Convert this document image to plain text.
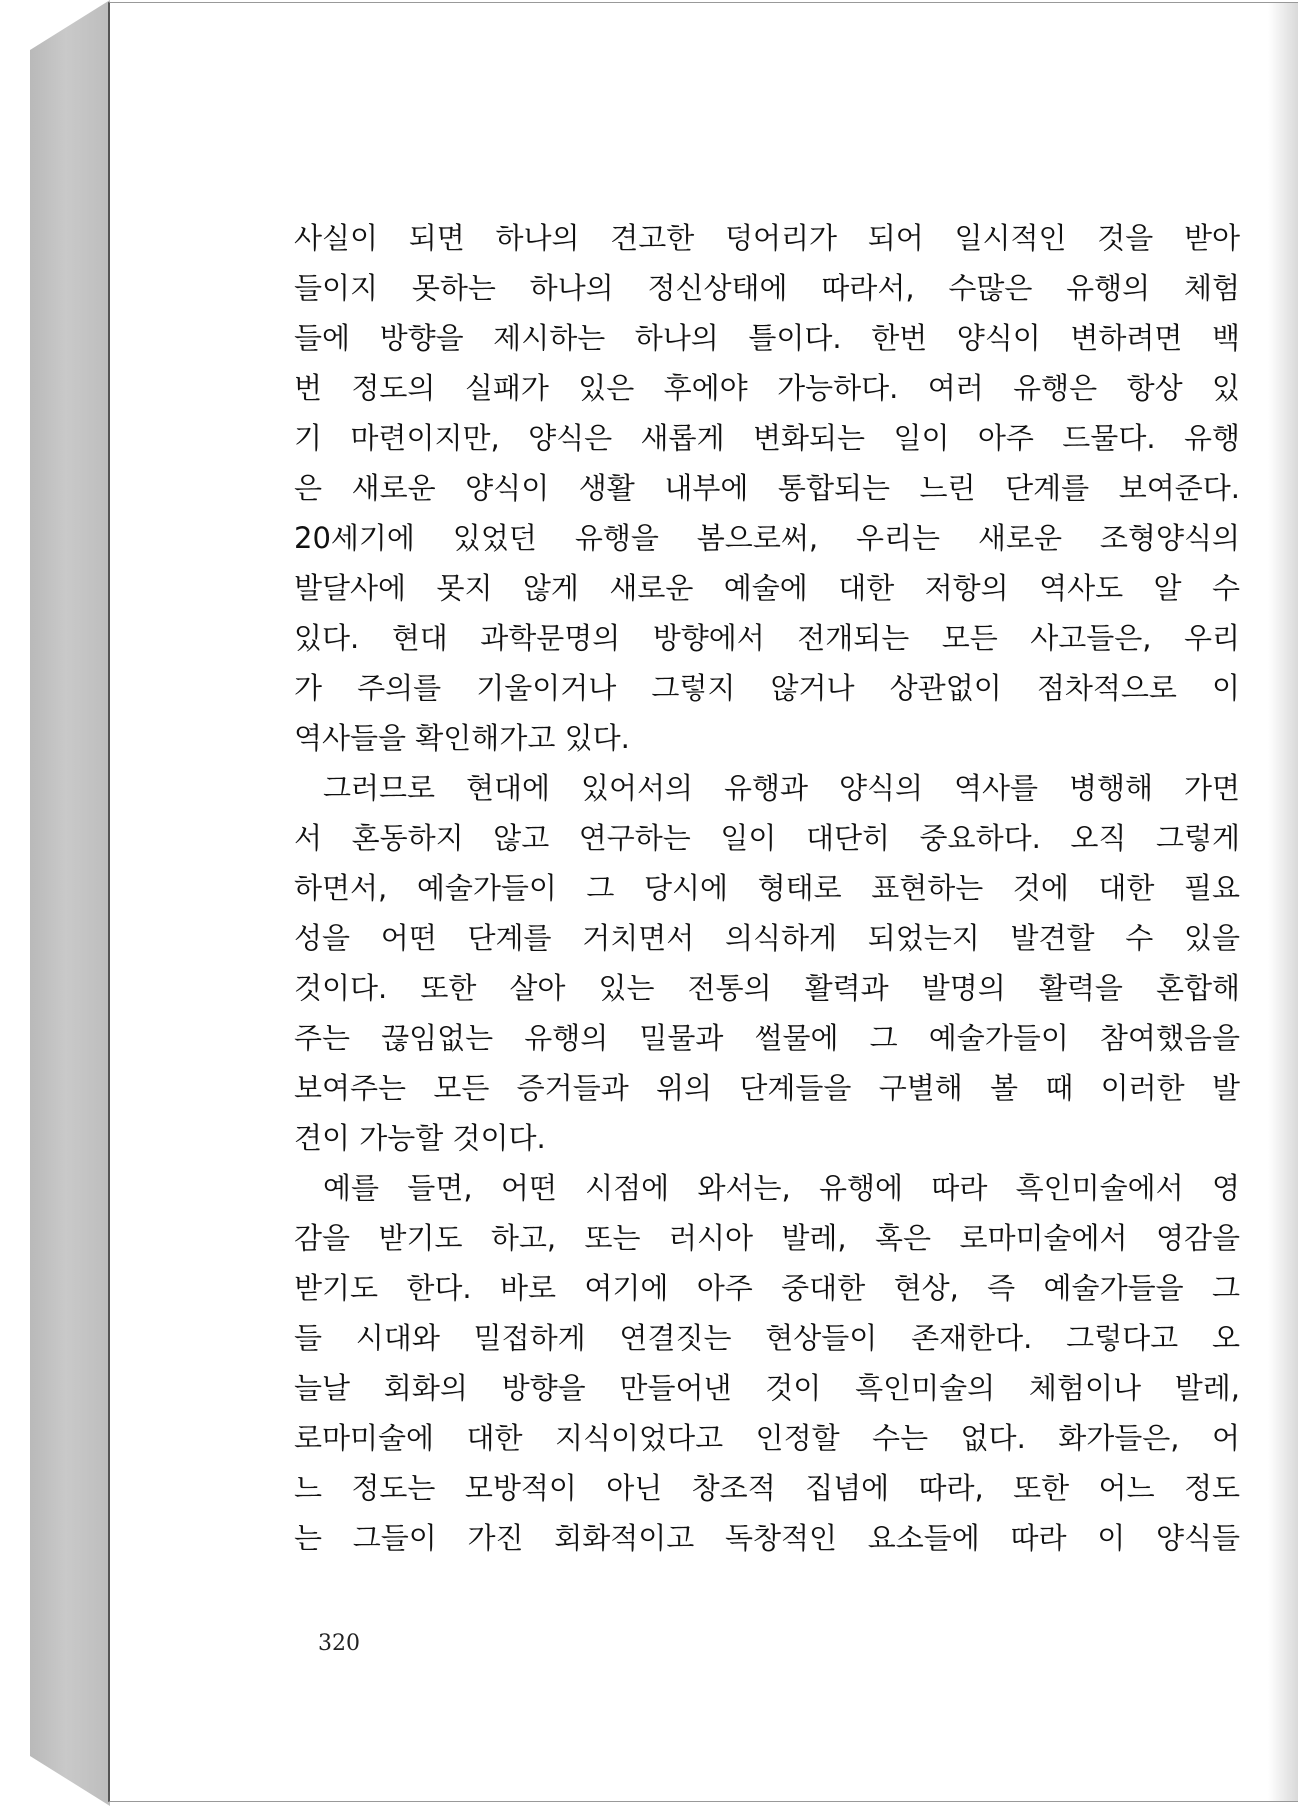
사실이 되면 하나의 견고한 덩어리가 되어 일시적인 것을 받아
들이지 못하는 하나의 정신상태에 따라서, 수많은 유행의 체험
들에 방향을 제시하는 하나의 틀이다. 한번 양식이 변하려면 백
번 정도의 실패가 있은 후에야 가능하다. 여러 유행은 항상 있
기 마련이지만, 양식은 새롭게 변화되는 일이 아주 드물다. 유행
은 새로운 양식이 생활 내부에 통합되는 느린 단계를 보여준다.
20세기에 있었던 유행을 봄으로써, 우리는 새로운 조형양식의
발달사에 못지 않게 새로운 예술에 대한 저항의 역사도 알 수
있다. 현대 과학문명의 방향에서 전개되는 모든 사고들은, 우리
가 주의를 기울이거나 그렇지 않거나 상관없이 점차적으로 이
역사들을 확인해가고 있다.
그러므로 현대에 있어서의 유행과 양식의 역사를 병행해 가면
서 혼동하지 않고 연구하는 일이 대단히 중요하다. 오직 그렇게
하면서, 예술가들이 그 당시에 형태로 표현하는 것에 대한 필요
성을 어떤 단계를 거치면서 의식하게 되었는지 발견할 수 있을
것이다. 또한 살아 있는 전통의 활력과 발명의 활력을 혼합해
주는 끊임없는 유행의 밀물과 썰물에 그 예술가들이 참여했음을
보여주는 모든 증거들과 위의 단계들을 구별해 볼 때 이러한 발
견이 가능할 것이다.
예를 들면, 어떤 시점에 와서는, 유행에 따라 흑인미술에서 영
감을 받기도 하고, 또는 러시아 발레, 혹은 로마미술에서 영감을
받기도 한다. 바로 여기에 아주 중대한 현상, 즉 예술가들을 그
들 시대와 밀접하게 연결짓는 현상들이 존재한다. 그렇다고 오
늘날 회화의 방향을 만들어낸 것이 흑인미술의 체험이나 발레,
로마미술에 대한 지식이었다고 인정할 수는 없다. 화가들은, 어
느 정도는 모방적이 아닌 창조적 집념에 따라, 또한 어느 정도
는 그들이 가진 회화적이고 독창적인 요소들에 따라 이 양식들
320
